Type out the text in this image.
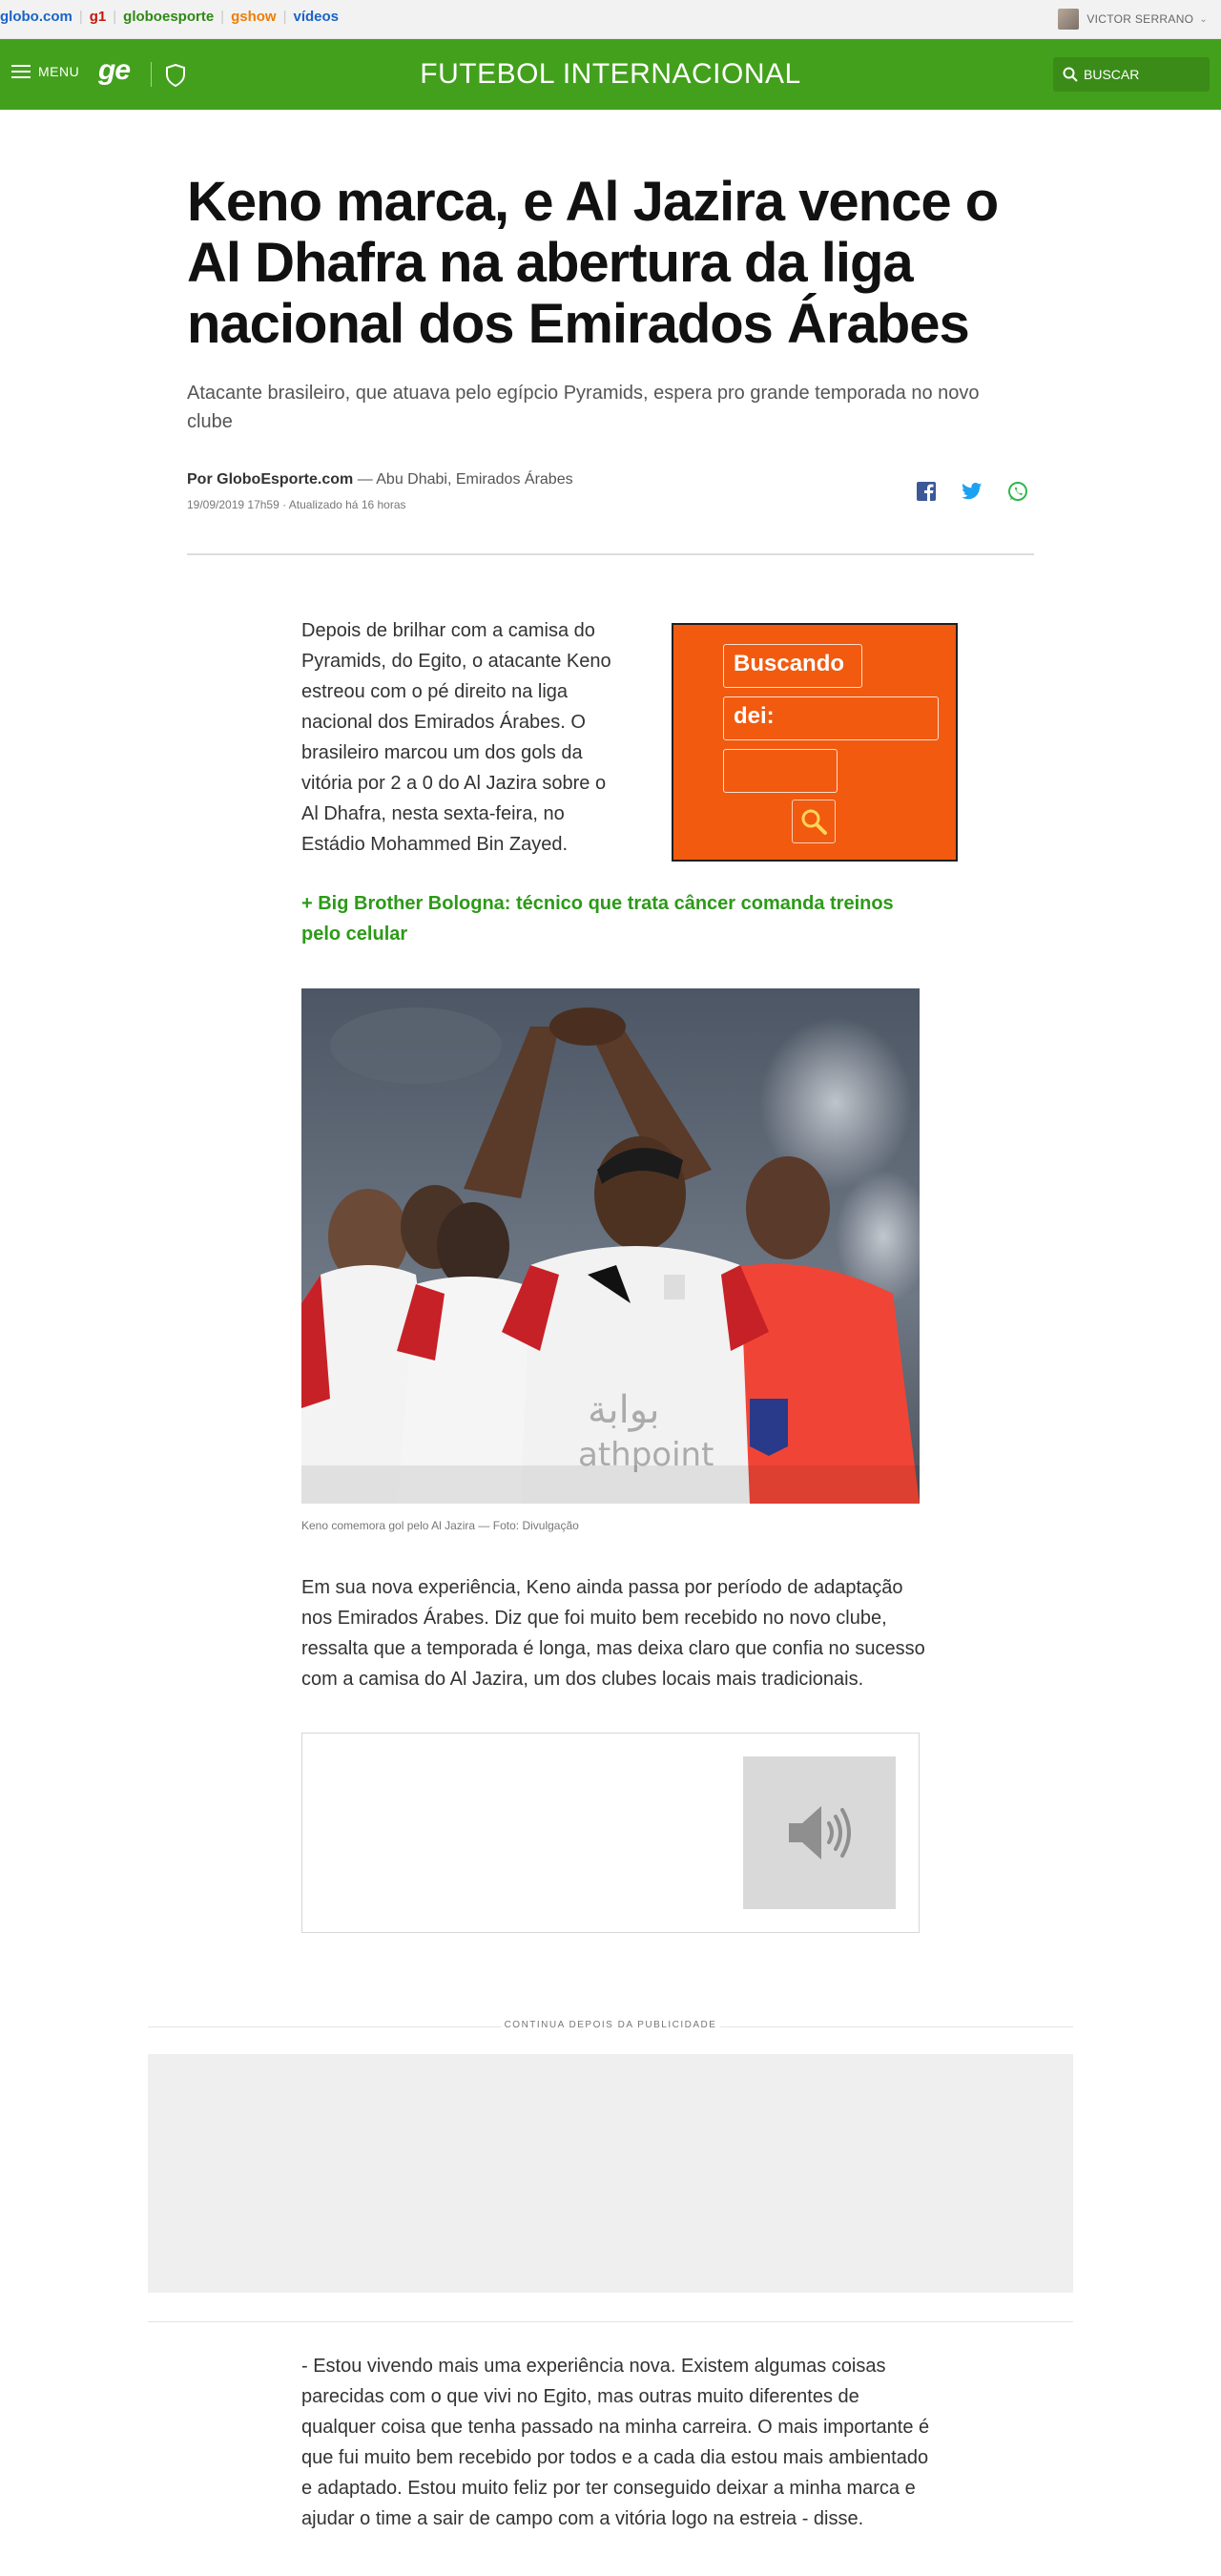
globo.com | g1 | globoesporte | gshow | vídeos	VICTOR SERRANO ⌄
MENU ge	FUTEBOL INTERNACIONAL	BUSCAR
Keno marca, e Al Jazira vence o Al Dhafra na abertura da liga nacional dos Emirados Árabes

Atacante brasileiro, que atuava pelo egípcio Pyramids, espera pro grande temporada no novo clube

Por GloboEsporte.com — Abu Dhabi, Emirados Árabes
19/09/2019 17h59 · Atualizado há 16 horas

Depois de brilhar com a camisa do Pyramids, do Egito, o atacante Keno estreou com o pé direito na liga nacional dos Emirados Árabes. O brasileiro marcou um dos gols da vitória por 2 a 0 do Al Jazira sobre o Al Dhafra, nesta sexta-feira, no Estádio Mohammed Bin Zayed.

Buscando
dei:

+ Big Brother Bologna: técnico que trata câncer comanda treinos pelo celular

بوابة
athpoint
Keno comemora gol pelo Al Jazira — Foto: Divulgação

Em sua nova experiência, Keno ainda passa por período de adaptação nos Emirados Árabes. Diz que foi muito bem recebido no novo clube, ressalta que a temporada é longa, mas deixa claro que confia no sucesso com a camisa do Al Jazira, um dos clubes locais mais tradicionais.

CONTINUA DEPOIS DA PUBLICIDADE

- Estou vivendo mais uma experiência nova. Existem algumas coisas parecidas com o que vivi no Egito, mas outras muito diferentes de qualquer coisa que tenha passado na minha carreira. O mais importante é que fui muito bem recebido por todos e a cada dia estou mais ambientado e adaptado. Estou muito feliz por ter conseguido deixar a minha marca e ajudar o time a sair de campo com a vitória logo na estreia - disse.
